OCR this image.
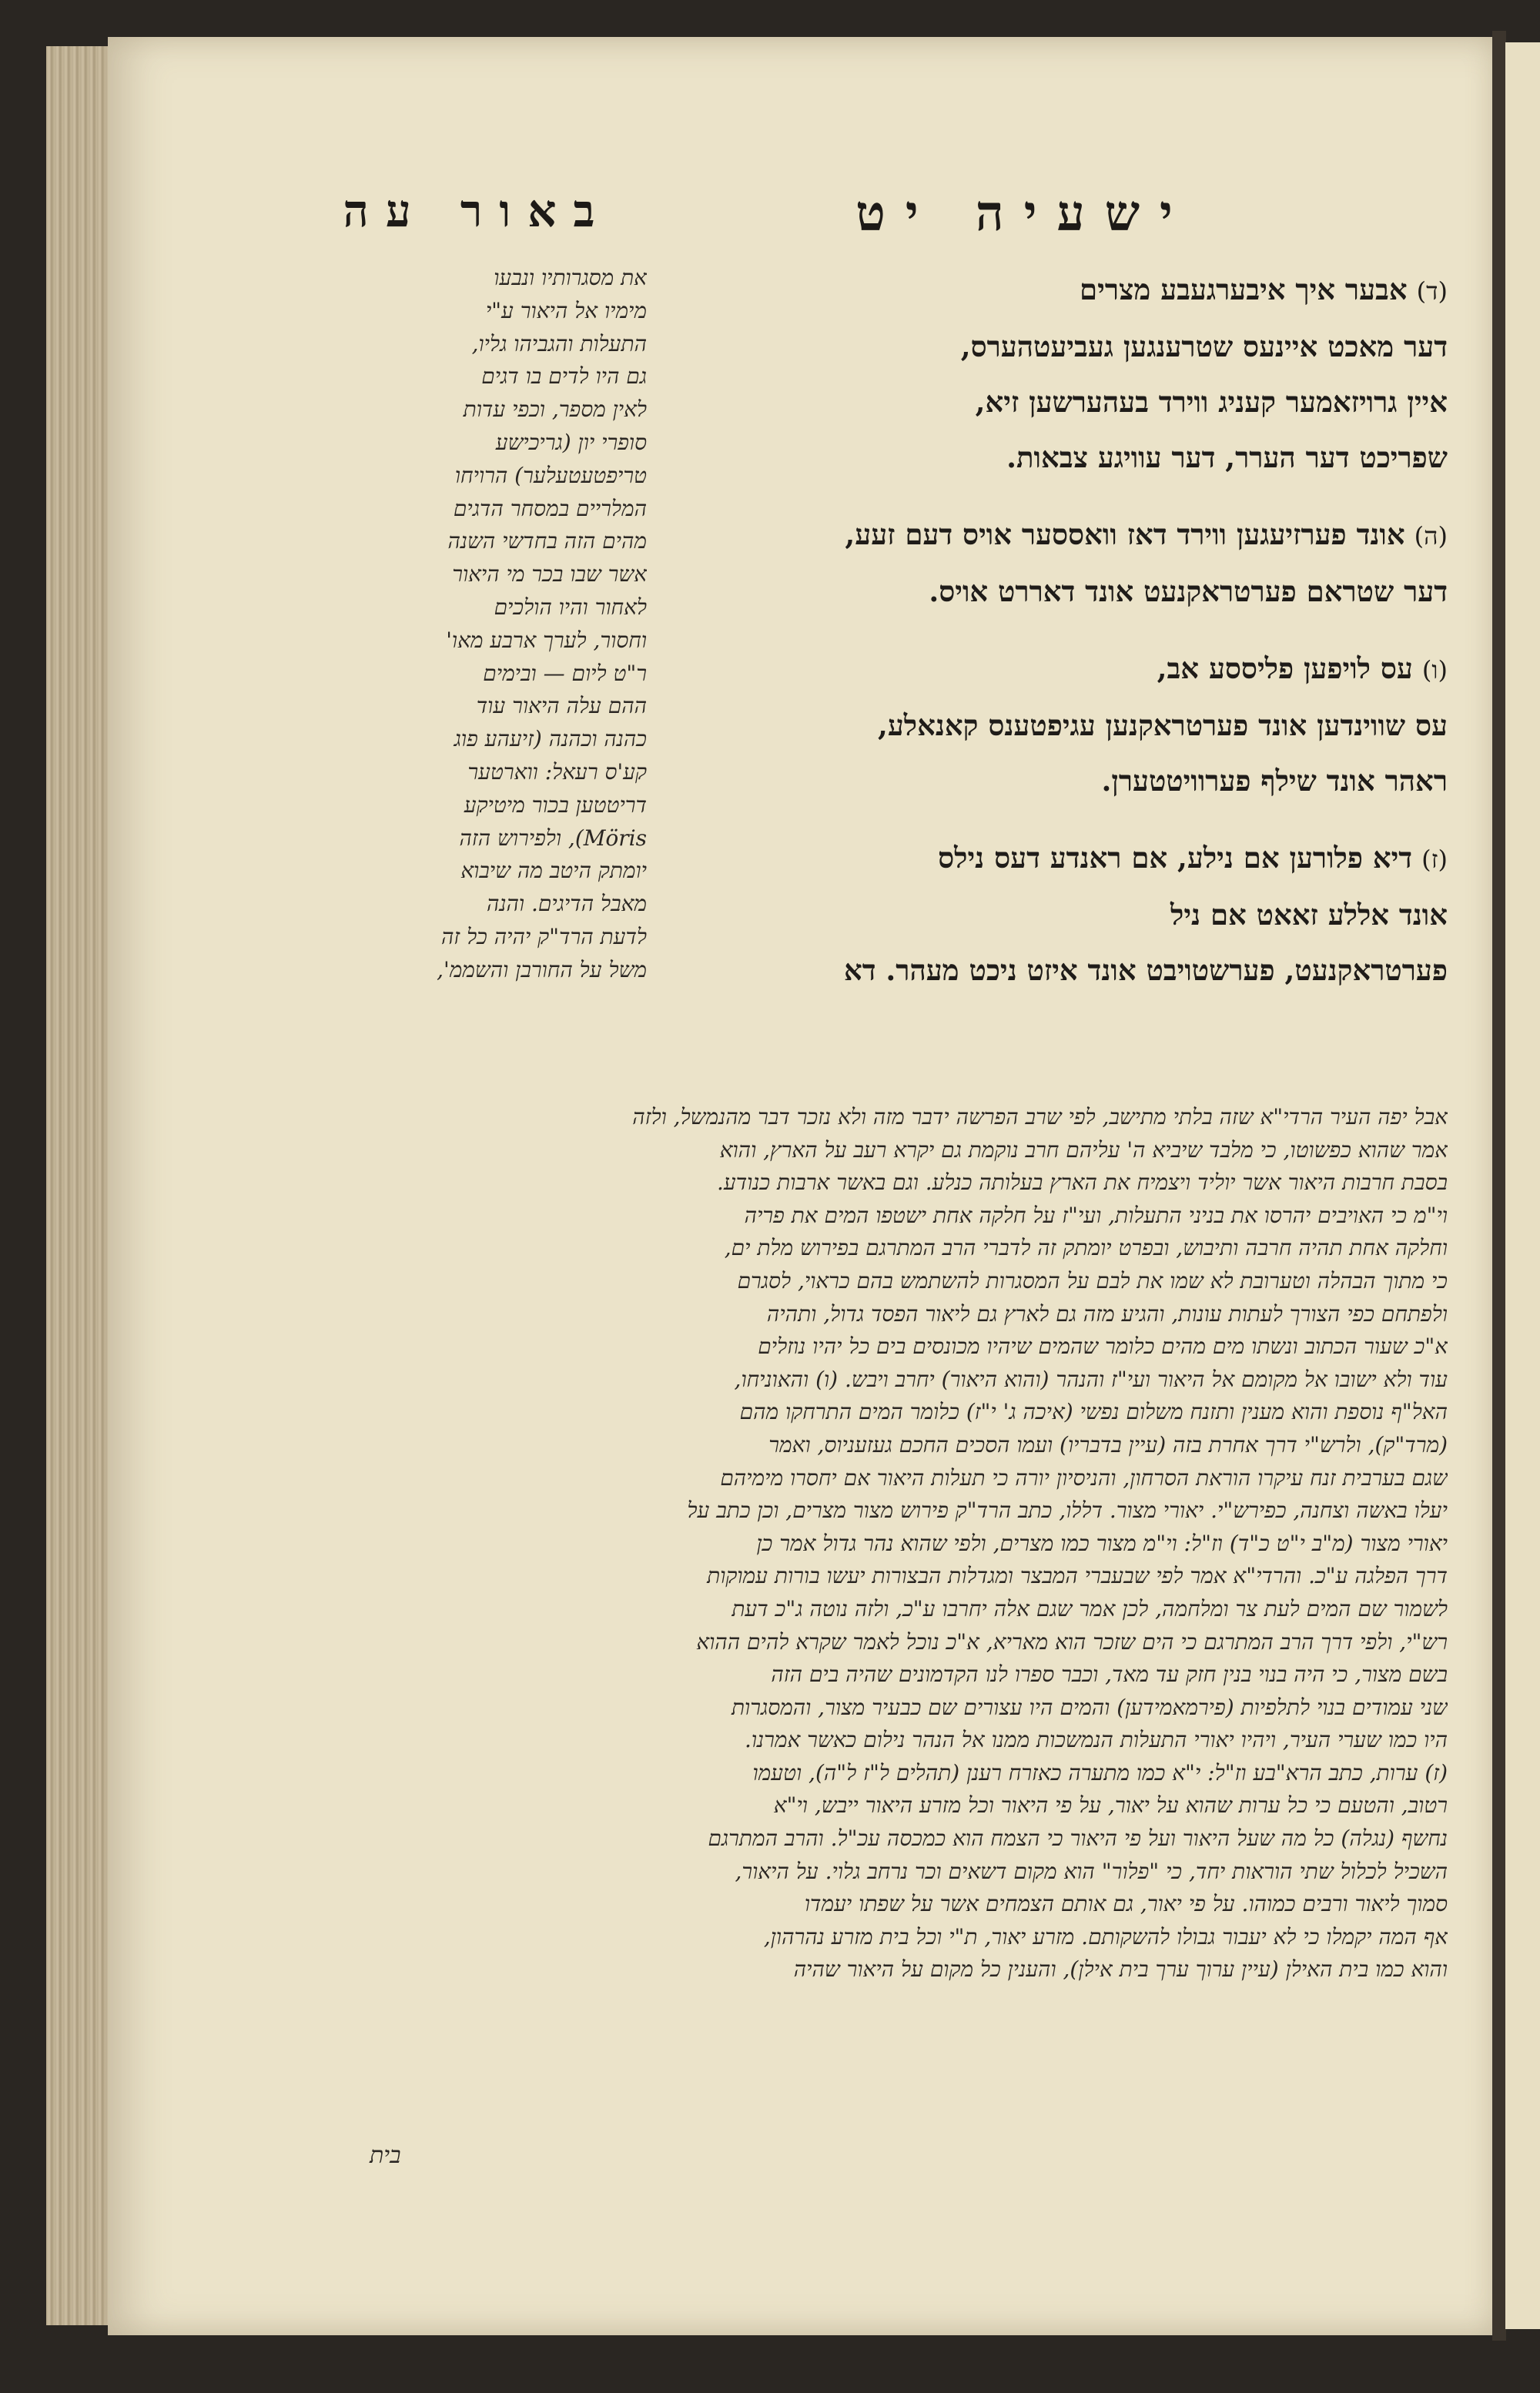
ישעיה יט
באור עה
(ד)אבער איך איבערגעבע מצרים
דער מאכט איינעס שטרענגען געביעטהערס,
איין גרויזאמער קעניג ווירד בעהערשען זיא,
שפריכט דער הערר, דער עוויגע צבאות.
(ה)אונד פערזיעגען ווירד דאז וואססער אויס דעם זעע,
דער שטראם פערטראקנעט אונד דאררט אויס.
(ו)עס לויפען פליססע אב,
עס שווינדען אונד פערטראקנען עגיפטענס קאנאלע,
ראהר אונד שילף פערוויטטערן.
(ז)דיא פלורען אם נילע, אם ראנדע דעס נילס
אונד אללע זאאט אם ניל
פערטראקנעט, פערשטויבט אונד איזט ניכט מעהר. דא
את מסגרותיו ונבעו
מימיו אל היאור ע"י
התעלות והגביהו גליו,
גם היו לדים בו דגים
לאין מספר, וכפי עדות
סופרי יון (גריכישע
טריפטעטעלער) הרויחו
המלריים במסחר הדגים
מהים הזה בחדשי השנה
אשר שבו בכר מי היאור
לאחור והיו הולכים
וחסור, לערך ארבע מאו'
ר"ט ליום — ובימים
ההם עלה היאור עוד
כהנה וכהנה (זיעהע פוג
קע'ס רעאל: ווארטער
דריטטען בכור מיטיקע
Möris), ולפירוש הזה
יומתק היטב מה שיבוא
מאבל הדיגים. והנה
לדעת הרד"ק יהיה כל זה
משל על החורבן והשממ',
אבל יפה העיר הרדי"א שזה בלתי מתישב, לפי שרב הפרשה ידבר מזה ולא נזכר דבר מהנמשל, ולזה
אמר שהוא כפשוטו, כי מלבד שיביא ה' עליהם חרב נוקמת גם יקרא רעב על הארץ, והוא
בסבת חרבות היאור אשר יוליד ויצמיח את הארץ בעלותה כנלע. וגם באשר ארבות כנודע.
וי"מ כי האויבים יהרסו את בניני התעלות, ועי"ז על חלקה אחת ישטפו המים את פריה
וחלקה אחת תהיה חרבה ותיבוש, ובפרט יומתק זה לדברי הרב המתרגם בפירוש מלת ים,
כי מתוך הבהלה וטערובת לא שמו את לבם על המסגרות להשתמש בהם כראוי, לסגרם
ולפתחם כפי הצורך לעתות עונות, והגיע מזה גם לארץ גם ליאור הפסד גדול, ותהיה
א"כ שעור הכתוב ונשתו מים מהים כלומר שהמים שיהיו מכונסים בים כל יהיו נוזלים
עוד ולא ישובו אל מקומם אל היאור ועי"ז והנהר (והוא היאור) יחרב ויבש. (ו) והאוניחו,
האל"ף נוספת והוא מענין ותזנח משלום נפשי (איכה ג' י"ז) כלומר המים התרחקו מהם
(מרד"ק), ולרש"י דרך אחרת בזה (עיין בדבריו) ועמו הסכים החכם געזעניוס, ואמר
שגם בערבית זנח עיקרו הוראת הסרחון, והניסיון יורה כי תעלות היאור אם יחסרו מימיהם
יעלו באשה וצחנה, כפירש"י. יאורי מצור. דללו, כתב הרד"ק פירוש מצור מצרים, וכן כתב על
יאורי מצור (מ"ב י"ט כ"ד) וז"ל: וי"מ מצור כמו מצרים, ולפי שהוא נהר גדול אמר כן
דרך הפלגה ע"כ. והרדי"א אמר לפי שבעברי המבצר ומגדלות הבצורות יעשו בורות עמוקות
לשמור שם המים לעת צר ומלחמה, לכן אמר שגם אלה יחרבו ע"כ, ולזה נוטה ג"כ דעת
רש"י, ולפי דרך הרב המתרגם כי הים שזכר הוא מאריא, א"כ נוכל לאמר שקרא להים ההוא
בשם מצור, כי היה בנוי בנין חזק עד מאד, וכבר ספרו לנו הקדמונים שהיה בים הזה
שני עמודים בנוי לתלפיות (פירמאמידען) והמים היו עצורים שם כבעיר מצור, והמסגרות
היו כמו שערי העיר, ויהיו יאורי התעלות הנמשכות ממנו אל הנהר נילום כאשר אמרנו.
(ז) ערות, כתב הרא"בע וז"ל: י"א כמו מתערה כאזרח רענן (תהלים ל"ז ל"ה), וטעמו
רטוב, והטעם כי כל ערות שהוא על יאור, על פי היאור וכל מזרע היאור ייבש, וי"א
נחשף (נגלה) כל מה שעל היאור ועל פי היאור כי הצמח הוא כמכסה עכ"ל. והרב המתרגם
השכיל לכלול שתי הוראות יחד, כי "פלור" הוא מקום דשאים וכר נרחב גלוי. על היאור,
סמוך ליאור ורבים כמוהו. על פי יאור, גם אותם הצמחים אשר על שפתו יעמדו
אף המה יקמלו כי לא יעבור גבולו להשקותם. מזרע יאור, ת"י וכל בית מזרע נהרהון,
והוא כמו בית האילן (עיין ערוך ערך בית אילן), והענין כל מקום על היאור שהיה
בית
